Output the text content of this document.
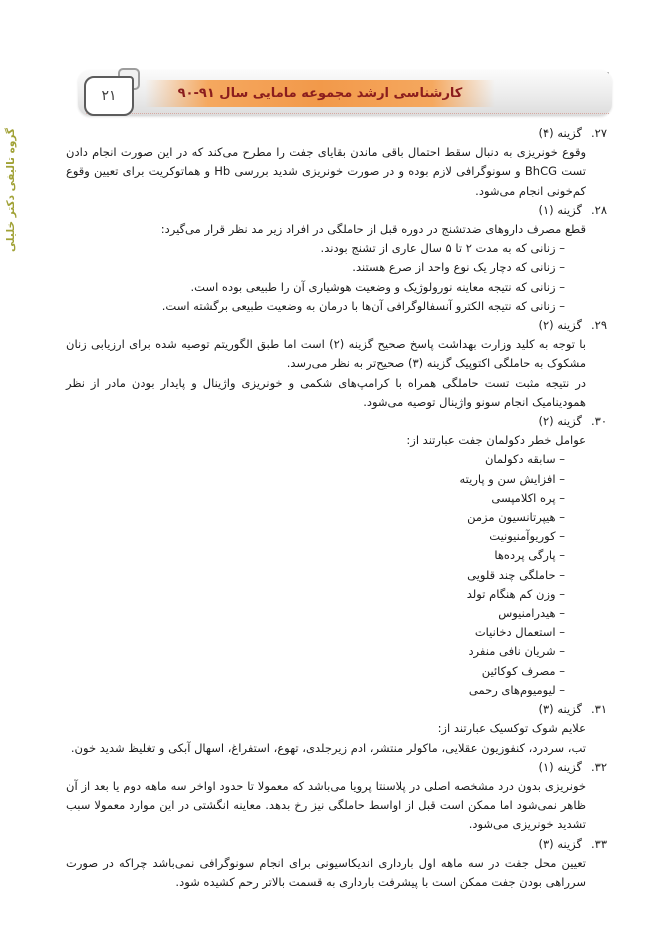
کارشناسی ارشد مجموعه مامایی سال ۹۱-۹۰
۲۱
گروه تالیفی دکتر خلیلی	۲۷.گزینه (۴)

وقوع خونریزی به دنبال سقط احتمال باقی ماندن بقایای جفت را مطرح می‌کند که در این صورت انجام دادن تست BhCG و سونوگرافی لازم بوده و در صورت خونریزی شدید بررسی Hb و هماتوکریت برای تعیین وقوع کم‌خونی انجام می‌شود.

۲۸.گزینه (۱)

قطع مصرف داروهای ضدتشنج در دوره قبل از حاملگی در افراد زیر مد نظر قرار می‌گیرد:

– زنانی که به مدت ۲ تا ۵ سال عاری از تشنج بودند.
– زنانی که دچار یک نوع واحد از صرع هستند.
– زنانی که نتیجه معاینه نورولوژیک و وضعیت هوشیاری آن را طبیعی بوده است.
– زنانی که نتیجه الکترو آنسفالوگرافی آن‌ها با درمان به وضعیت طبیعی برگشته است.
۲۹.گزینه (۲)

با توجه به کلید وزارت بهداشت پاسخ صحیح گزینه (۲) است اما طبق الگوریتم توصیه شده برای ارزیابی زنان مشکوک به حاملگی اکتوپیک گزینه (۳) صحیح‌تر به نظر می‌رسد.

در نتیجه مثبت تست حاملگی همراه با کرامپ‌های شکمی و خونریزی واژینال و پایدار بودن مادر از نظر همودینامیک انجام سونو واژینال توصیه می‌شود.

۳۰.گزینه (۲)

عوامل خطر دکولمان جفت عبارتند از:

– سابقه دکولمان
– افزایش سن و پاریته
– پره اکلامپسی
– هیپرتانسیون مزمن
– کوریوآمنیونیت
– پارگی پرده‌ها
– حاملگی چند قلویی
– وزن کم هنگام تولد
– هیدرامنیوس
– استعمال دخانیات
– شریان نافی منفرد
– مصرف کوکائین
– لیومیوم‌های رحمی
۳۱.گزینه (۳)

علایم شوک توکسیک عبارتند از:

تب، سردرد، کنفوزیون عقلایی، ماکولر منتشر، ادم زیرجلدی، تهوع، استفراغ، اسهال آبکی و تغلیظ شدید خون.

۳۲.گزینه (۱)

خونریزی بدون درد مشخصه اصلی در پلاسنتا پرویا می‌باشد که معمولا تا حدود اواخر سه ماهه دوم یا بعد از آن ظاهر نمی‌شود اما ممکن است قبل از اواسط حاملگی نیز رخ بدهد. معاینه انگشتی در این موارد معمولا سبب تشدید خونریزی می‌شود.

۳۳.گزینه (۳)

تعیین محل جفت در سه ماهه اول بارداری اندیکاسیونی برای انجام سونوگرافی نمی‌باشد چراکه در صورت سرراهی بودن جفت ممکن است با پیشرفت بارداری به قسمت بالاتر رحم کشیده شود.
